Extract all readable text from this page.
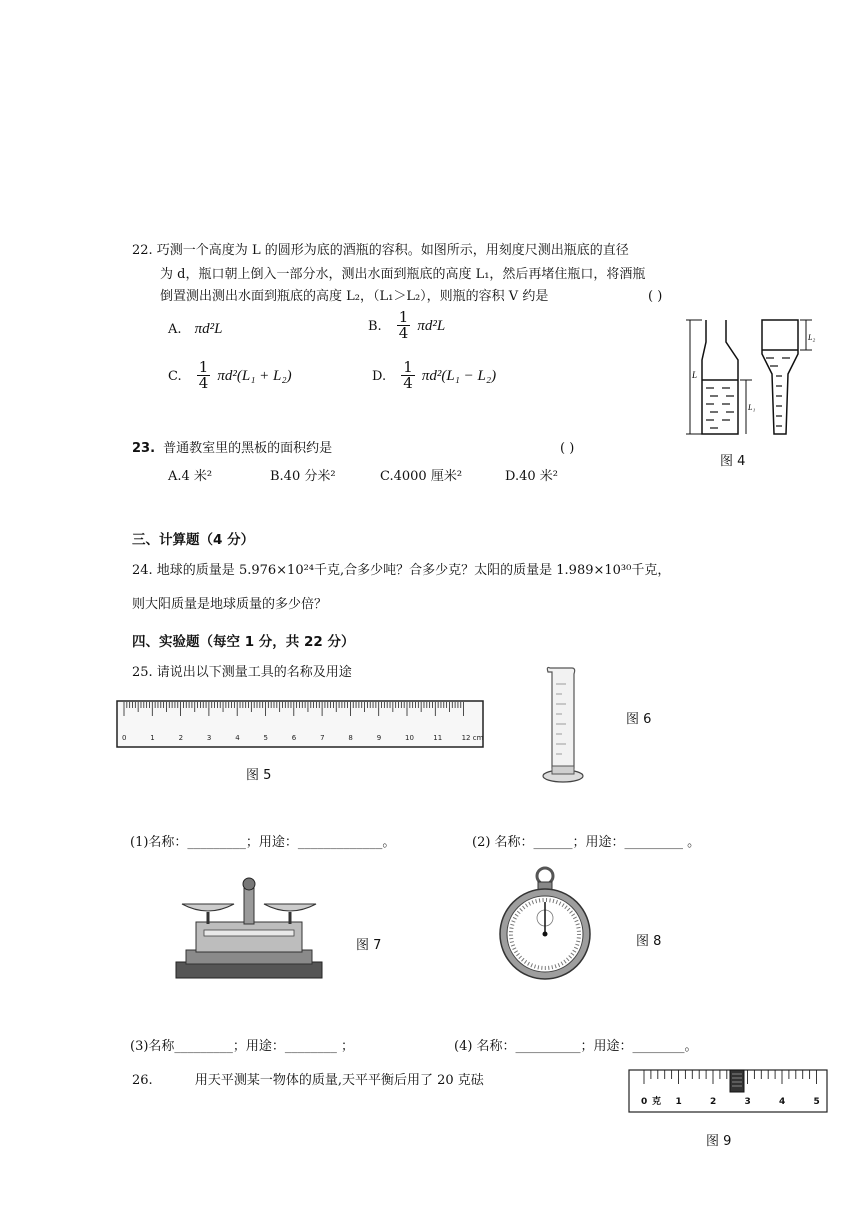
22. 巧测一个高度为 L 的圆形为底的酒瓶的容积。如图所示，用刻度尺测出瓶底的直径
为 d，瓶口朝上倒入一部分水，测出水面到瓶底的高度 L₁，然后再堵住瓶口，将酒瓶
倒置测出测出水面到瓶底的高度 L₂，（L₁＞L₂），则瓶的容积 V 约是	( )
A. πd²L	B. $\frac{1}{4} \pi d^2L$
C. $\frac{1}{4} \pi d^2(L_1 + L_2)$	D. $\frac{1}{4} \pi d^2(L_1 - L_2)$	L
L₁
L₂
图 4
23. 普通教室里的黑板的面积约是	( )
A.4 米²	B.40 分米²	C.4000 厘米²	D.40 米²
三、计算题（4 分）
24. 地球的质量是 5.976×10²⁴千克,合多少吨？合多少克？太阳的质量是 1.989×10³⁰千克，
则大阳质量是地球质量的多少倍？
四、实验题（每空 1 分，共 22 分）
25. 请说出以下测量工具的名称及用途
0	1	2	3	4	5	6	7	8	9	10	11	12 cm
图 5
图 6
(1)名称：_________；用途：_____________。	(2) 名称：______；用途：_________ 。
图 7	图 8
(3)名称_________；用途：________ ；	(4) 名称：__________；用途：________。
26.	用天平测某一物体的质量,天平平衡后用了 20 克砝
0	1	2	3	4	5
克
图 9
